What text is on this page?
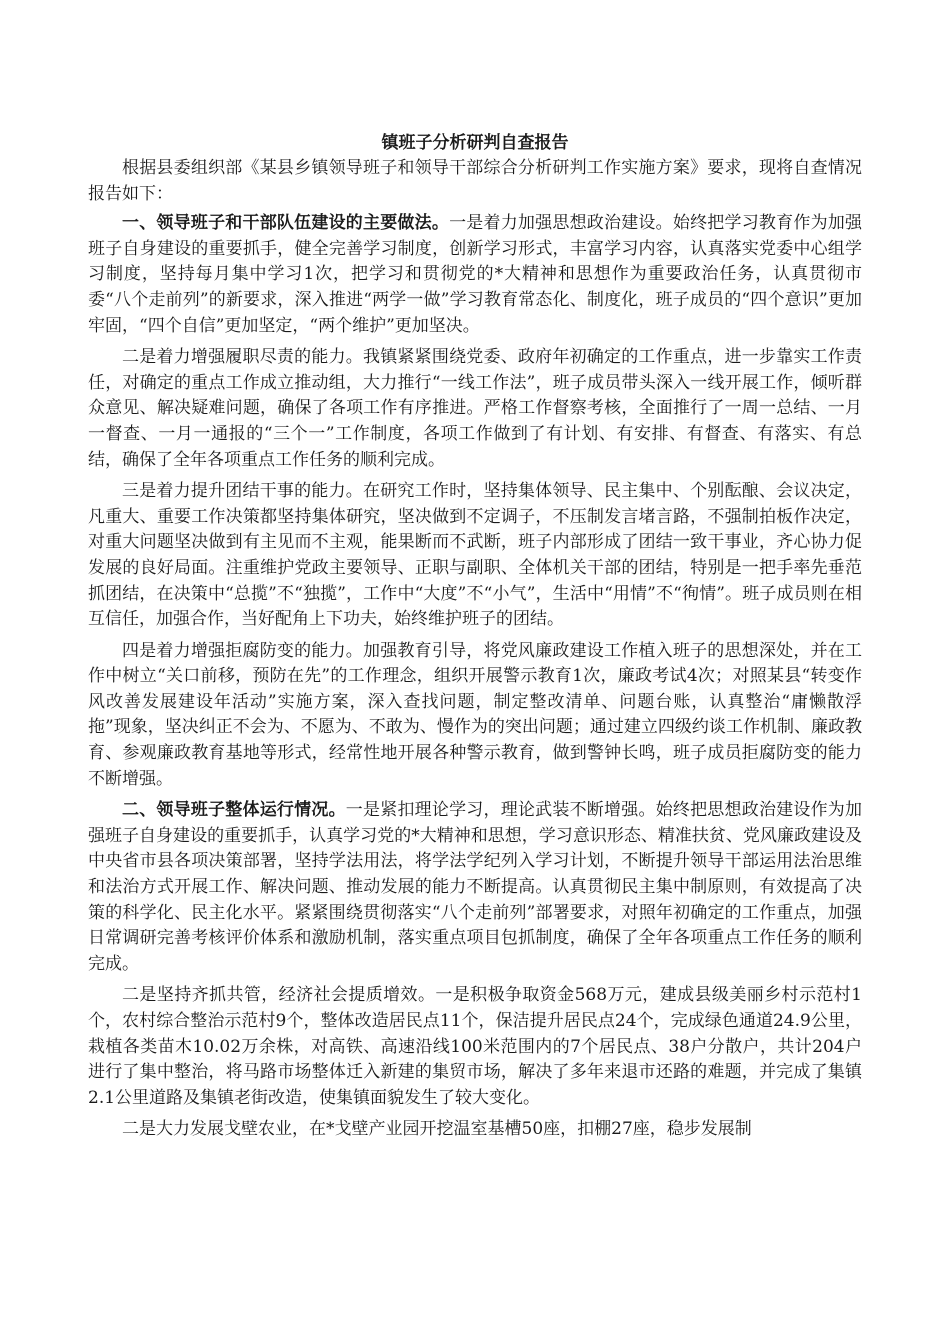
镇班子分析研判自查报告

根据县委组织部《某县乡镇领导班子和领导干部综合分析研判工作实施方案》要求，现将自查情况报告如下：

一、领导班子和干部队伍建设的主要做法。一是着力加强思想政治建设。始终把学习教育作为加强班子自身建设的重要抓手，健全完善学习制度，创新学习形式，丰富学习内容，认真落实党委中心组学习制度，坚持每月集中学习1次，把学习和贯彻党的*大精神和思想作为重要政治任务，认真贯彻市委“八个走前列”的新要求，深入推进“两学一做”学习教育常态化、制度化，班子成员的“四个意识”更加牢固，“四个自信”更加坚定，“两个维护”更加坚决。

二是着力增强履职尽责的能力。我镇紧紧围绕党委、政府年初确定的工作重点，进一步靠实工作责任，对确定的重点工作成立推动组，大力推行“一线工作法”，班子成员带头深入一线开展工作，倾听群众意见、解决疑难问题，确保了各项工作有序推进。严格工作督察考核，全面推行了一周一总结、一月一督查、一月一通报的“三个一”工作制度，各项工作做到了有计划、有安排、有督查、有落实、有总结，确保了全年各项重点工作任务的顺利完成。

三是着力提升团结干事的能力。在研究工作时，坚持集体领导、民主集中、个别酝酿、会议决定，凡重大、重要工作决策都坚持集体研究，坚决做到不定调子，不压制发言堵言路，不强制拍板作决定，对重大问题坚决做到有主见而不主观，能果断而不武断，班子内部形成了团结一致干事业，齐心协力促发展的良好局面。注重维护党政主要领导、正职与副职、全体机关干部的团结，特别是一把手率先垂范抓团结，在决策中“总揽”不“独揽”，工作中“大度”不“小气”，生活中“用情”不“徇情”。班子成员则在相互信任，加强合作，当好配角上下功夫，始终维护班子的团结。

四是着力增强拒腐防变的能力。加强教育引导，将党风廉政建设工作植入班子的思想深处，并在工作中树立“关口前移，预防在先”的工作理念，组织开展警示教育1次，廉政考试4次；对照某县“转变作风改善发展建设年活动”实施方案，深入查找问题，制定整改清单、问题台账，认真整治“庸懒散浮拖”现象，坚决纠正不会为、不愿为、不敢为、慢作为的突出问题；通过建立四级约谈工作机制、廉政教育、参观廉政教育基地等形式，经常性地开展各种警示教育，做到警钟长鸣，班子成员拒腐防变的能力不断增强。

二、领导班子整体运行情况。一是紧扣理论学习，理论武装不断增强。始终把思想政治建设作为加强班子自身建设的重要抓手，认真学习党的*大精神和思想，学习意识形态、精准扶贫、党风廉政建设及中央省市县各项决策部署，坚持学法用法，将学法学纪列入学习计划，不断提升领导干部运用法治思维和法治方式开展工作、解决问题、推动发展的能力不断提高。认真贯彻民主集中制原则，有效提高了决策的科学化、民主化水平。紧紧围绕贯彻落实“八个走前列”部署要求，对照年初确定的工作重点，加强日常调研完善考核评价体系和激励机制，落实重点项目包抓制度，确保了全年各项重点工作任务的顺利完成。

二是坚持齐抓共管，经济社会提质增效。一是积极争取资金568万元，建成县级美丽乡村示范村1个，农村综合整治示范村9个，整体改造居民点11个，保洁提升居民点24个，完成绿色通道24.9公里，栽植各类苗木10.02万余株，对高铁、高速沿线100米范围内的7个居民点、38户分散户，共计204户进行了集中整治，将马路市场整体迁入新建的集贸市场，解决了多年来退市还路的难题，并完成了集镇2.1公里道路及集镇老街改造，使集镇面貌发生了较大变化。

二是大力发展戈壁农业，在*戈壁产业园开挖温室基槽50座，扣棚27座，稳步发展制
